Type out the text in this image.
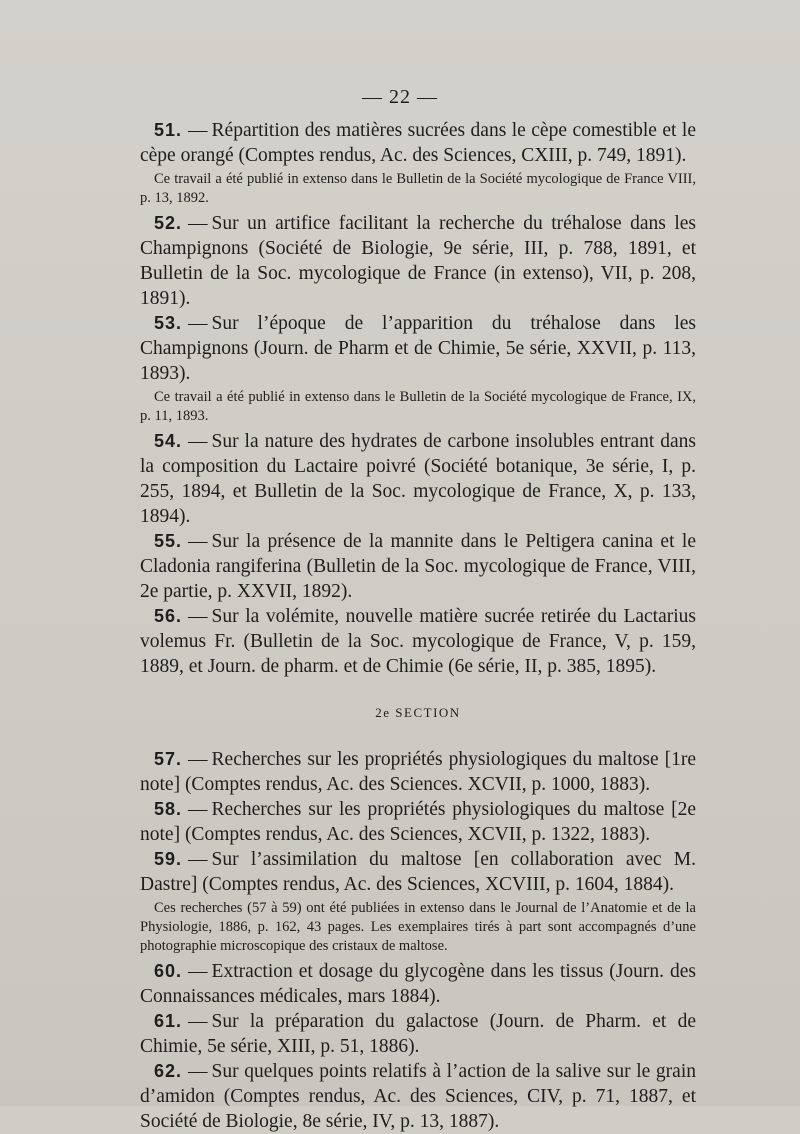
— 22 —

51. — Répartition des matières sucrées dans le cèpe comestible et le cèpe orangé (Comptes rendus, Ac. des Sciences, CXIII, p. 749, 1891).

Ce travail a été publié in extenso dans le Bulletin de la Société mycologique de France VIII, p. 13, 1892.

52. — Sur un artifice facilitant la recherche du tréhalose dans les Champignons (Société de Biologie, 9e série, III, p. 788, 1891, et Bulletin de la Soc. mycologique de France (in extenso), VII, p. 208, 1891).

53. — Sur l’époque de l’apparition du tréhalose dans les Champignons (Journ. de Pharm et de Chimie, 5e série, XXVII, p. 113, 1893).

Ce travail a été publié in extenso dans le Bulletin de la Société mycologique de France, IX, p. 11, 1893.

54. — Sur la nature des hydrates de carbone insolubles entrant dans la composition du Lactaire poivré (Société botanique, 3e série, I, p. 255, 1894, et Bulletin de la Soc. mycologique de France, X, p. 133, 1894).

55. — Sur la présence de la mannite dans le Peltigera canina et le Cladonia rangiferina (Bulletin de la Soc. mycologique de France, VIII, 2e partie, p. XXVII, 1892).

56. — Sur la volémite, nouvelle matière sucrée retirée du Lactarius volemus Fr. (Bulletin de la Soc. mycologique de France, V, p. 159, 1889, et Journ. de pharm. et de Chimie (6e série, II, p. 385, 1895).

2e SECTION

57. — Recherches sur les propriétés physiologiques du maltose [1re note] (Comptes rendus, Ac. des Sciences. XCVII, p. 1000, 1883).

58. — Recherches sur les propriétés physiologiques du maltose [2e note] (Comptes rendus, Ac. des Sciences, XCVII, p. 1322, 1883).

59. — Sur l’assimilation du maltose [en collaboration avec M. Dastre] (Comptes rendus, Ac. des Sciences, XCVIII, p. 1604, 1884).

Ces recherches (57 à 59) ont été publiées in extenso dans le Journal de l’Anatomie et de la Physiologie, 1886, p. 162, 43 pages. Les exemplaires tirés à part sont accompagnés d’une photographie microscopique des cristaux de maltose.

60. — Extraction et dosage du glycogène dans les tissus (Journ. des Connaissances médicales, mars 1884).

61. — Sur la préparation du galactose (Journ. de Pharm. et de Chimie, 5e série, XIII, p. 51, 1886).

62. — Sur quelques points relatifs à l’action de la salive sur le grain d’amidon (Comptes rendus, Ac. des Sciences, CIV, p. 71, 1887, et Société de Biologie, 8e série, IV, p. 13, 1887).
